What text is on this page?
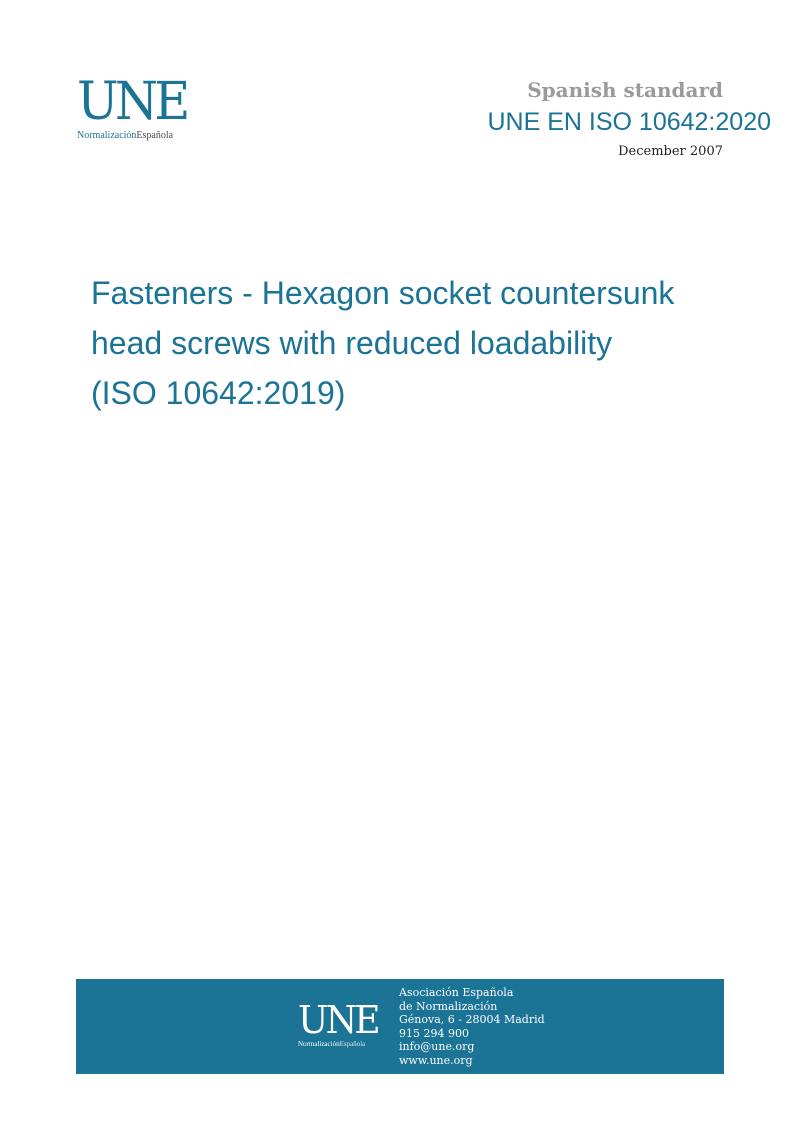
UNE
NormalizaciónEspañola
Spanish standard
UNE EN ISO 10642:2020
December 2007
Fasteners - Hexagon socket countersunk
head screws with reduced loadability
(ISO 10642:2019)
UNE
NormalizaciónEspañola
Asociación Española
de Normalización
Génova, 6 - 28004 Madrid
915 294 900
info@une.org
www.une.org
